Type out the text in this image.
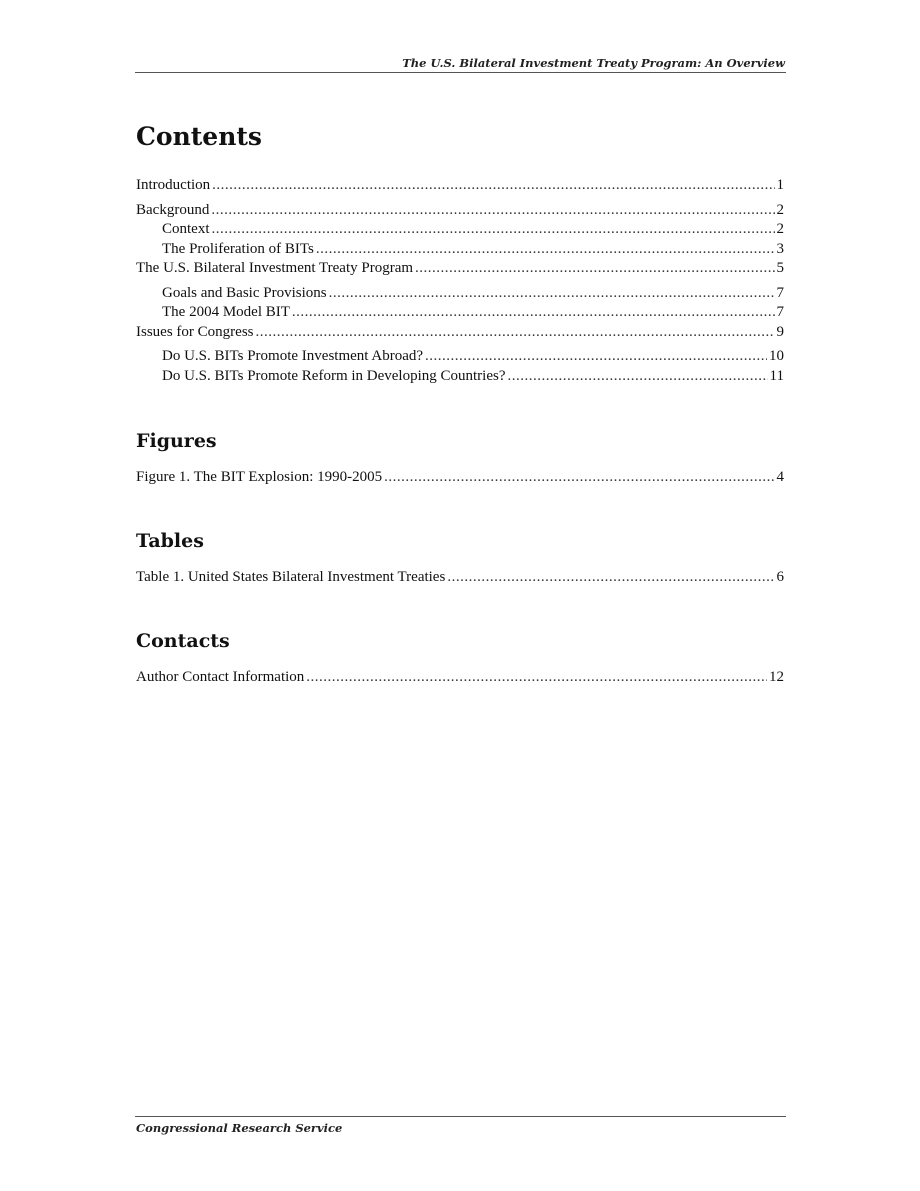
The U.S. Bilateral Investment Treaty Program: An Overview
Contents
Introduction .....	1
Background .....	2
Context .....	2
The Proliferation of BITs .....	3
The U.S. Bilateral Investment Treaty Program .....	5
Goals and Basic Provisions .....	7
The 2004 Model BIT .....	7
Issues for Congress .....	9
Do U.S. BITs Promote Investment Abroad? .....	10
Do U.S. BITs Promote Reform in Developing Countries? .....	11
Figures
Figure 1. The BIT Explosion: 1990-2005 .....	4
Tables
Table 1. United States Bilateral Investment Treaties .....	6
Contacts
Author Contact Information .....	12
Congressional Research Service
